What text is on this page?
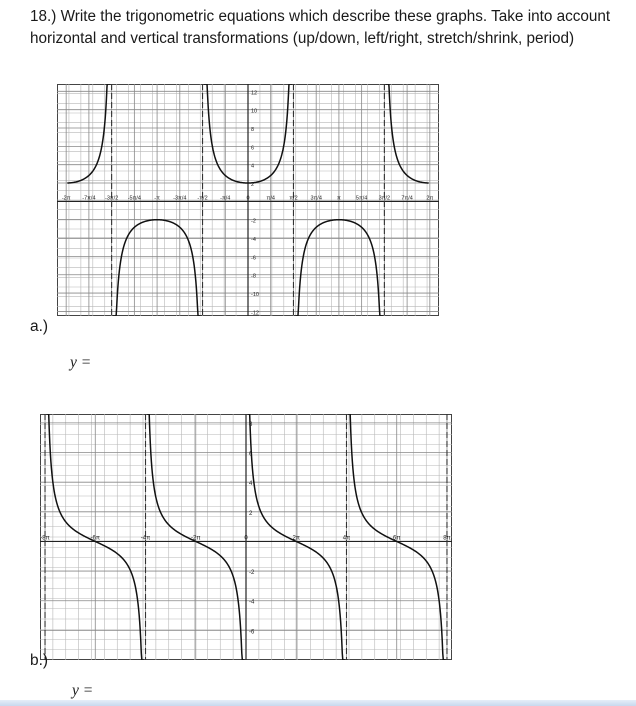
18.) Write the trigonometric equations which describe these graphs. Take into account horizontal and vertical transformations (up/down, left/right, stretch/shrink, period)
-2π -7π/4 -3π/2 -5π/4 -π -3π/4 -π/2 -π/4	0	π/4	π/2 3π/4	π	5π/4 3π/2 7π/4 2π
12
10
8
6
4
2
-2
-4
-6
-8
-10
-12
a.)
y =
-8π	-6π	-4π	-2π	0	2π	4π	6π	8π
8
6
4
2
-2
-4
-6
b.)
y =
